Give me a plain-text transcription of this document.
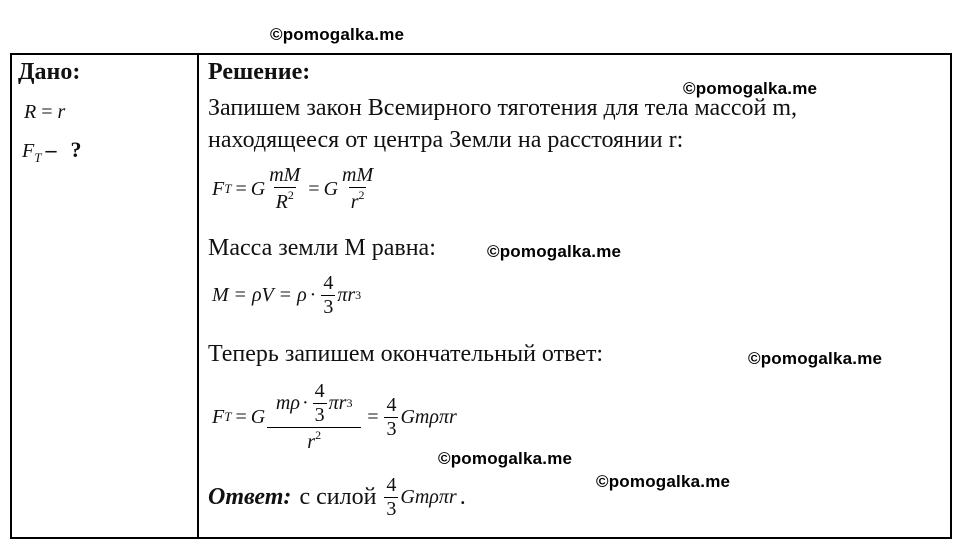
©pomogalka.me
©pomogalka.me
©pomogalka.me
©pomogalka.me
©pomogalka.me
©pomogalka.me
Дано:
R = r
$F_T$ – ?
Решение:
Запишем закон Всемирного тяготения для тела массой m,
находящееся от центра Земли на расстоянии r:
F T = G $\frac{mM}{R^2} = G \frac{mM}{r^2}$
Масса земли М равна:
$M = \rho V = \rho \cdot \frac{4}{3}$ πr 3
Теперь запишем окончательный ответ:
F T = G $\frac{m\rho \cdot \frac{4}{3} \pi r 3}{r^2} = \frac{4}{3}$ Gmρπr
Ответ: с силой $\frac{4}{3}$ Gmρπr .
